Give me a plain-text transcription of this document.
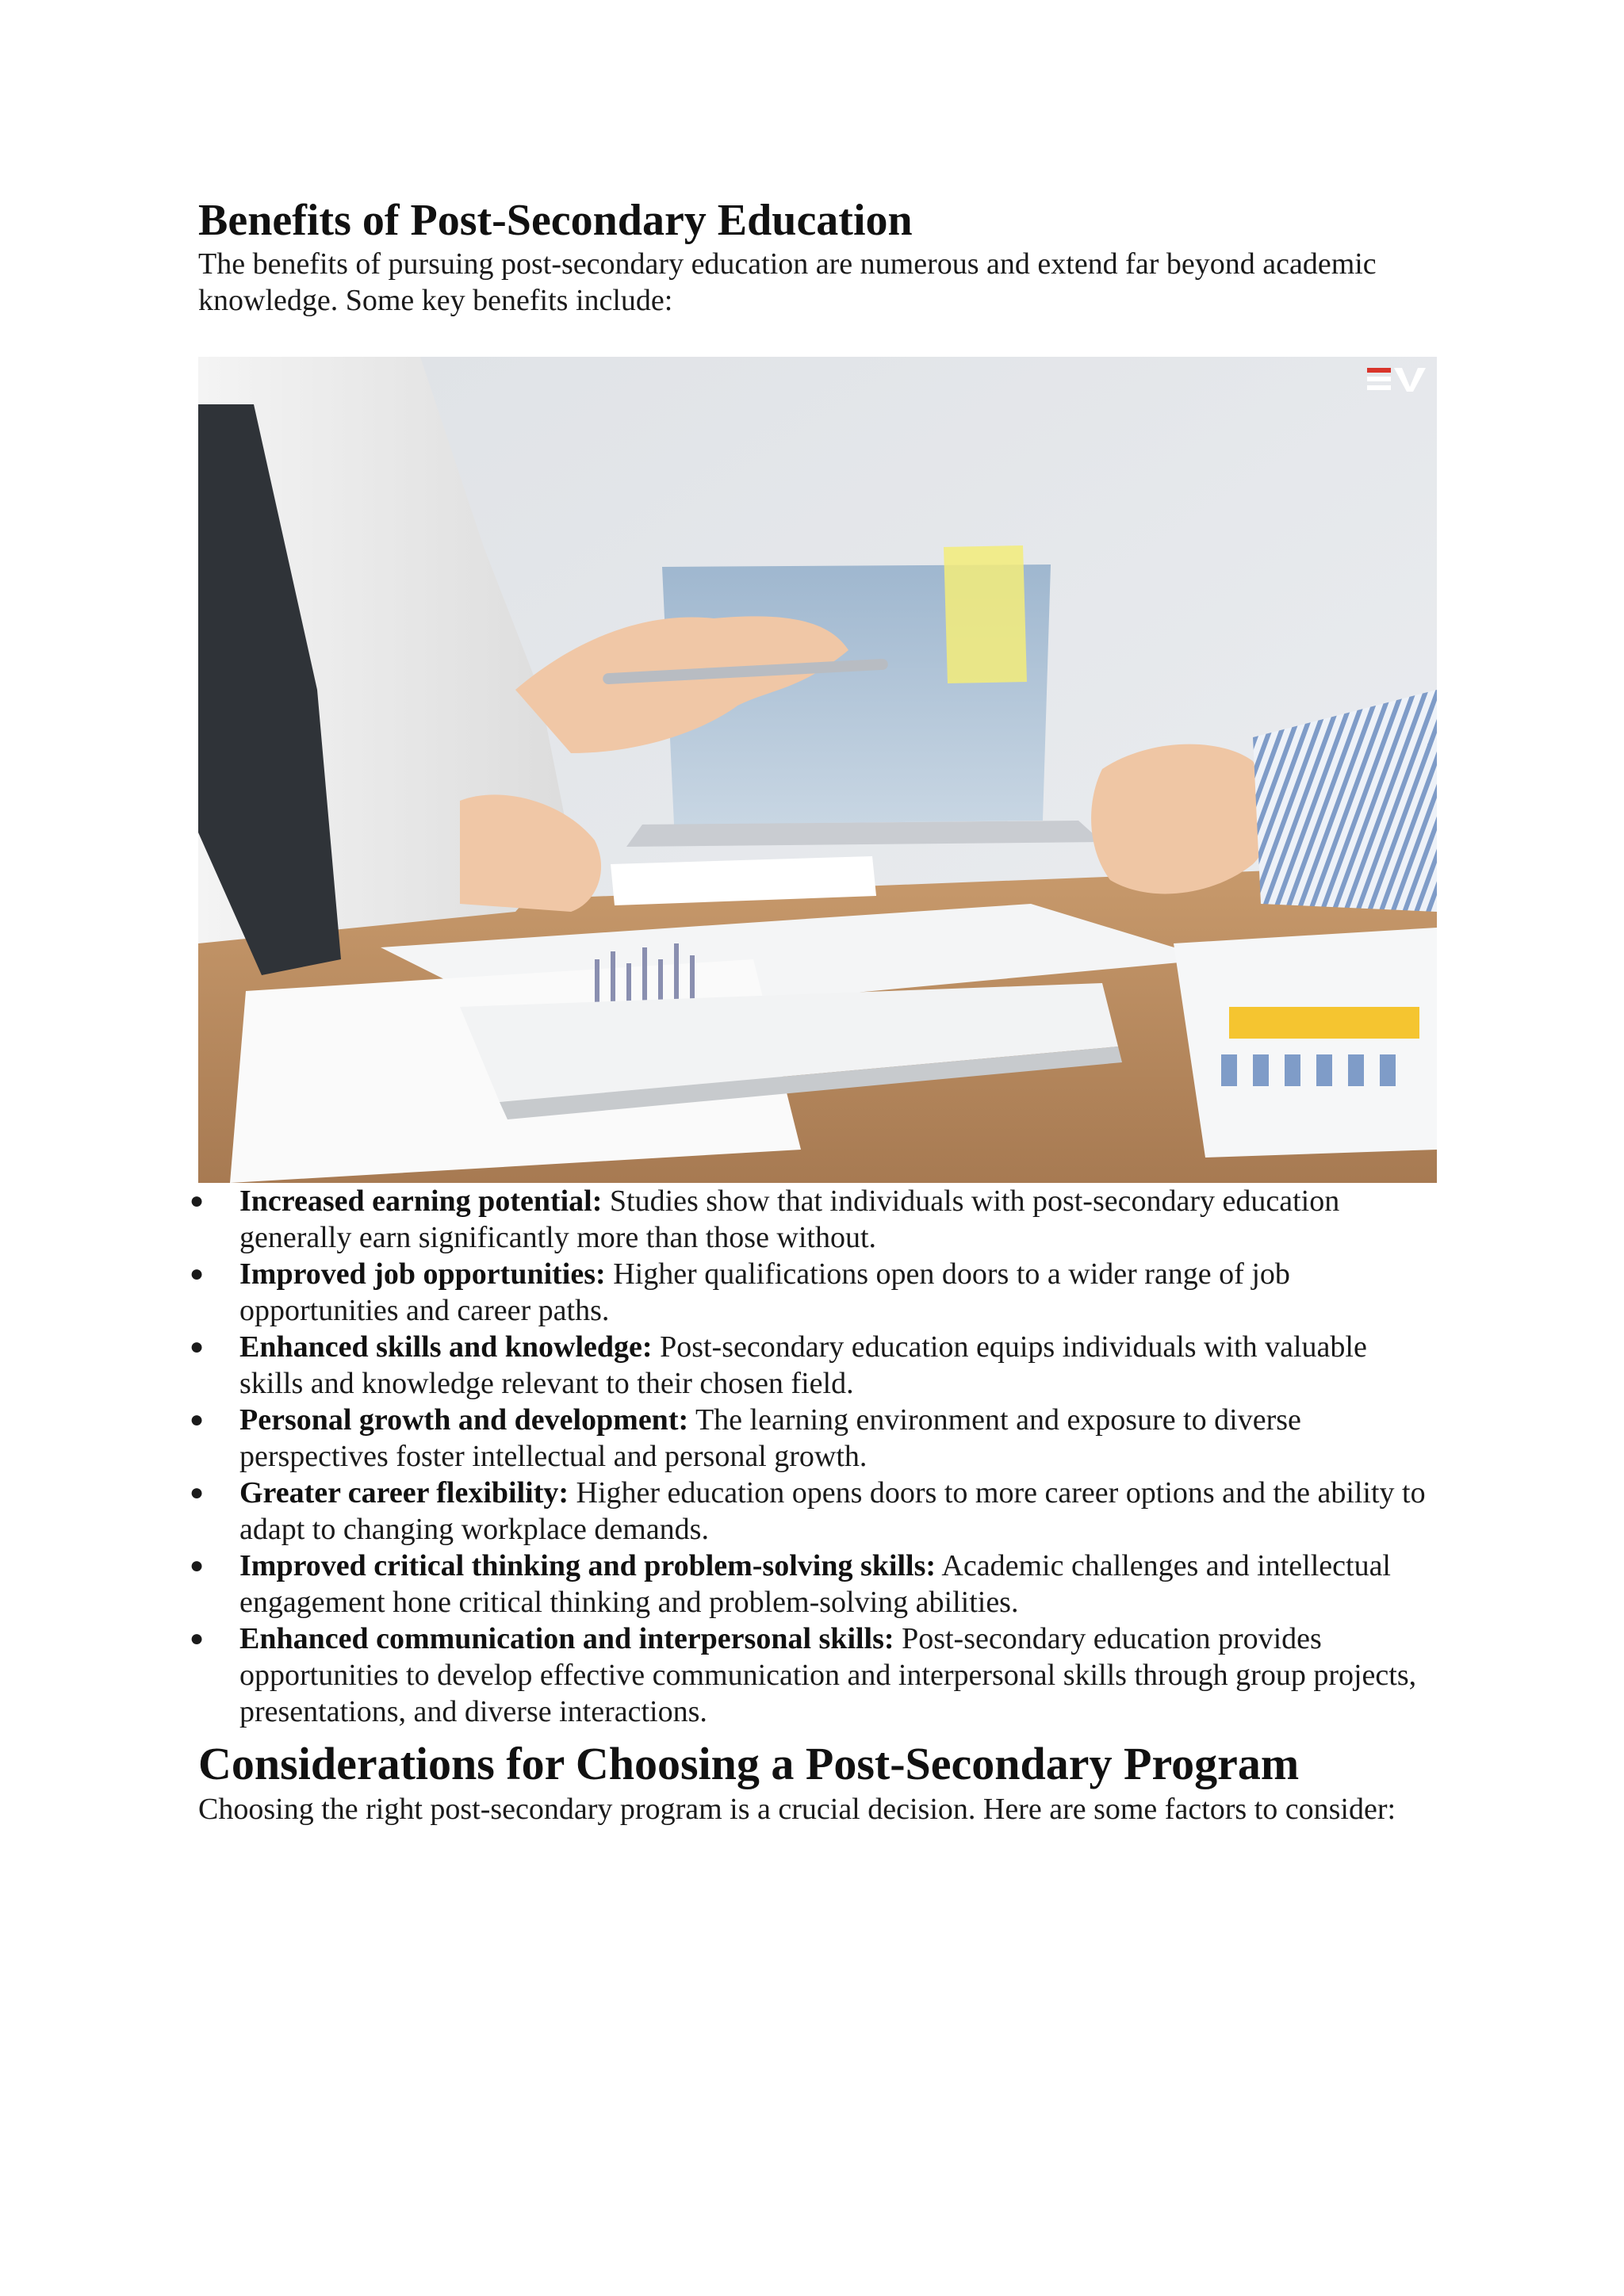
Benefits of Post-Secondary Education

The benefits of pursuing post-secondary education are numerous and extend far beyond academic knowledge. Some key benefits include:

● Increased earning potential: Studies show that individuals with post-secondary education generally earn significantly more than those without.
● Improved job opportunities: Higher qualifications open doors to a wider range of job opportunities and career paths.
● Enhanced skills and knowledge: Post-secondary education equips individuals with valuable skills and knowledge relevant to their chosen field.
● Personal growth and development: The learning environment and exposure to diverse perspectives foster intellectual and personal growth.
● Greater career flexibility: Higher education opens doors to more career options and the ability to adapt to changing workplace demands.
● Improved critical thinking and problem-solving skills: Academic challenges and intellectual engagement hone critical thinking and problem-solving abilities.
● Enhanced communication and interpersonal skills: Post-secondary education provides opportunities to develop effective communication and interpersonal skills through group projects, presentations, and diverse interactions.
Considerations for Choosing a Post-Secondary Program

Choosing the right post-secondary program is a crucial decision. Here are some factors to consider:
